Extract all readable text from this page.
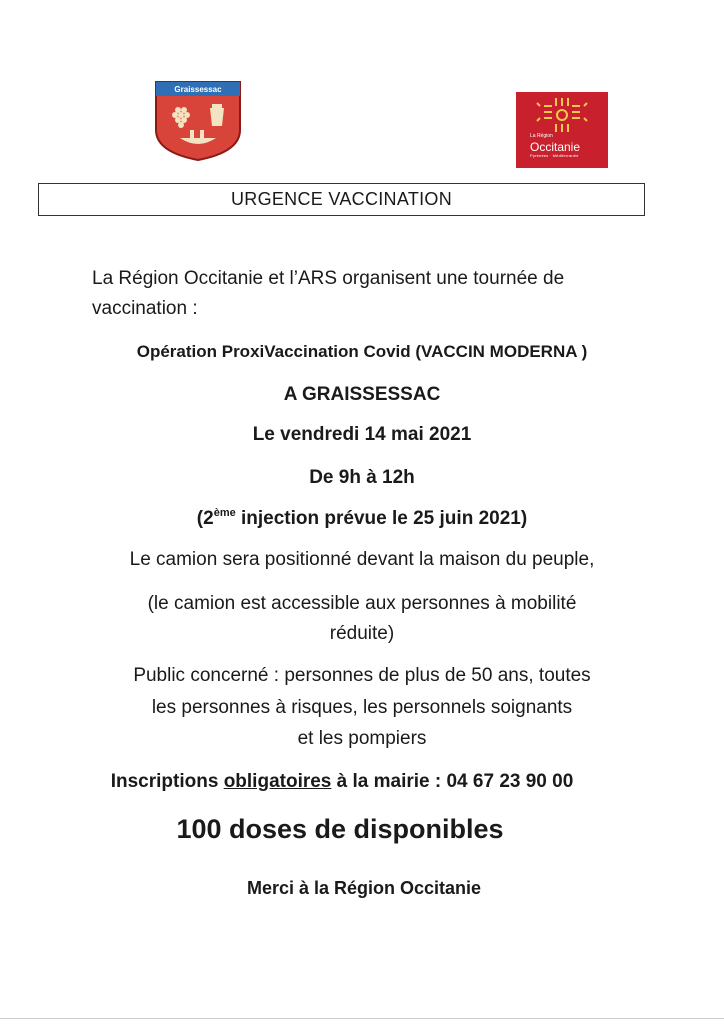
Graissessac
La Région
Occitanie
Pyrénées · Méditerranée
URGENCE VACCINATION
La Région Occitanie et l’ARS organisent une tournée de
vaccination :
Opération ProxiVaccination Covid (VACCIN MODERNA )
A GRAISSESSAC
Le vendredi 14 mai 2021
De 9h à 12h
(2ème injection prévue le 25 juin 2021)
Le camion sera positionné devant la maison du peuple,
(le camion est accessible aux personnes à mobilité
réduite)
Public concerné : personnes de plus de 50 ans, toutes
les personnes à risques, les personnels soignants
et les pompiers
Inscriptions obligatoires à la mairie : 04 67 23 90 00
100 doses de disponibles
Merci à la Région Occitanie
